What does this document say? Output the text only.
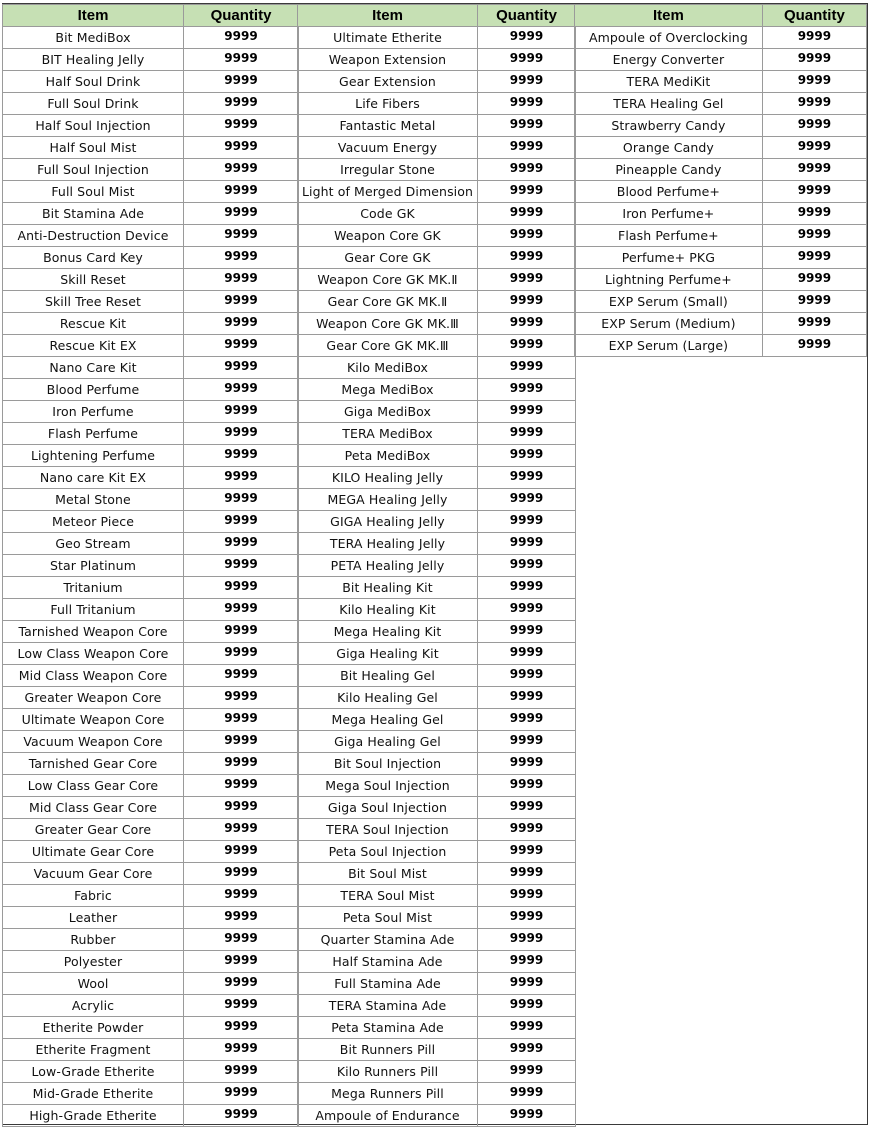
Item	Quantity
Bit MediBox	9999
BIT Healing Jelly	9999
Half Soul Drink	9999
Full Soul Drink	9999
Half Soul Injection	9999
Half Soul Mist	9999
Full Soul Injection	9999
Full Soul Mist	9999
Bit Stamina Ade	9999
Anti-Destruction Device	9999
Bonus Card Key	9999
Skill Reset	9999
Skill Tree Reset	9999
Rescue Kit	9999
Rescue Kit EX	9999
Nano Care Kit	9999
Blood Perfume	9999
Iron Perfume	9999
Flash Perfume	9999
Lightening Perfume	9999
Nano care Kit EX	9999
Metal Stone	9999
Meteor Piece	9999
Geo Stream	9999
Star Platinum	9999
Tritanium	9999
Full Tritanium	9999
Tarnished Weapon Core	9999
Low Class Weapon Core	9999
Mid Class Weapon Core	9999
Greater Weapon Core	9999
Ultimate Weapon Core	9999
Vacuum Weapon Core	9999
Tarnished Gear Core	9999
Low Class Gear Core	9999
Mid Class Gear Core	9999
Greater Gear Core	9999
Ultimate Gear Core	9999
Vacuum Gear Core	9999
Fabric	9999
Leather	9999
Rubber	9999
Polyester	9999
Wool	9999
Acrylic	9999
Etherite Powder	9999
Etherite Fragment	9999
Low-Grade Etherite	9999
Mid-Grade Etherite	9999
High-Grade Etherite	9999
Item	Quantity
Ultimate Etherite	9999
Weapon Extension	9999
Gear Extension	9999
Life Fibers	9999
Fantastic Metal	9999
Vacuum Energy	9999
Irregular Stone	9999
Light of Merged Dimension	9999
Code GK	9999
Weapon Core GK	9999
Gear Core GK	9999
Weapon Core GK MK.Ⅱ	9999
Gear Core GK MK.Ⅱ	9999
Weapon Core GK MK.Ⅲ	9999
Gear Core GK MK.Ⅲ	9999
Kilo MediBox	9999
Mega MediBox	9999
Giga MediBox	9999
TERA MediBox	9999
Peta MediBox	9999
KILO Healing Jelly	9999
MEGA Healing Jelly	9999
GIGA Healing Jelly	9999
TERA Healing Jelly	9999
PETA Healing Jelly	9999
Bit Healing Kit	9999
Kilo Healing Kit	9999
Mega Healing Kit	9999
Giga Healing Kit	9999
Bit Healing Gel	9999
Kilo Healing Gel	9999
Mega Healing Gel	9999
Giga Healing Gel	9999
Bit Soul Injection	9999
Mega Soul Injection	9999
Giga Soul Injection	9999
TERA Soul Injection	9999
Peta Soul Injection	9999
Bit Soul Mist	9999
TERA Soul Mist	9999
Peta Soul Mist	9999
Quarter Stamina Ade	9999
Half Stamina Ade	9999
Full Stamina Ade	9999
TERA Stamina Ade	9999
Peta Stamina Ade	9999
Bit Runners Pill	9999
Kilo Runners Pill	9999
Mega Runners Pill	9999
Ampoule of Endurance	9999
Item	Quantity
Ampoule of Overclocking	9999
Energy Converter	9999
TERA MediKit	9999
TERA Healing Gel	9999
Strawberry Candy	9999
Orange Candy	9999
Pineapple Candy	9999
Blood Perfume+	9999
Iron Perfume+	9999
Flash Perfume+	9999
Perfume+ PKG	9999
Lightning Perfume+	9999
EXP Serum (Small)	9999
EXP Serum (Medium)	9999
EXP Serum (Large)	9999
